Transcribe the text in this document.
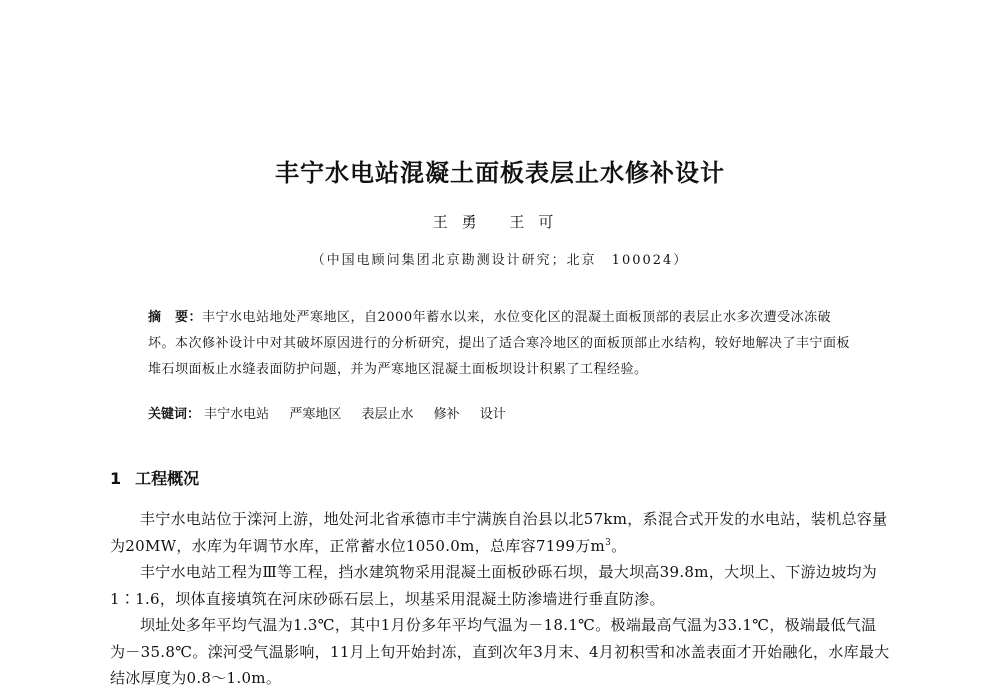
丰宁水电站混凝土面板表层止水修补设计
王勇 王可
（中国电顾问集团北京勘测设计研究；北京　100024）
摘　要：丰宁水电站地处严寒地区，自2000年蓄水以来，水位变化区的混凝土面板顶部的表层止水多次遭受冰冻破坏。本次修补设计中对其破坏原因进行的分析研究，提出了适合寒冷地区的面板顶部止水结构，较好地解决了丰宁面板堆石坝面板止水缝表面防护问题，并为严寒地区混凝土面板坝设计积累了工程经验。
关键词： 丰宁水电站 严寒地区 表层止水 修补 设计
1 工程概况

丰宁水电站位于滦河上游，地处河北省承德市丰宁满族自治县以北57km，系混合式开发的水电站，装机总容量为20MW，水库为年调节水库，正常蓄水位1050.0m，总库容7199万$m^3$。

丰宁水电站工程为Ⅲ等工程，挡水建筑物采用混凝土面板砂砾石坝，最大坝高39.8m，大坝上、下游边坡均为1∶1.6，坝体直接填筑在河床砂砾石层上，坝基采用混凝土防渗墙进行垂直防渗。

坝址处多年平均气温为1.3℃，其中1月份多年平均气温为－18.1℃。极端最高气温为33.1℃，极端最低气温为－35.8℃。滦河受气温影响，11月上旬开始封冻，直到次年3月末、4月初积雪和冰盖表面才开始融化，水库最大结冰厚度为0.8～1.0m。
